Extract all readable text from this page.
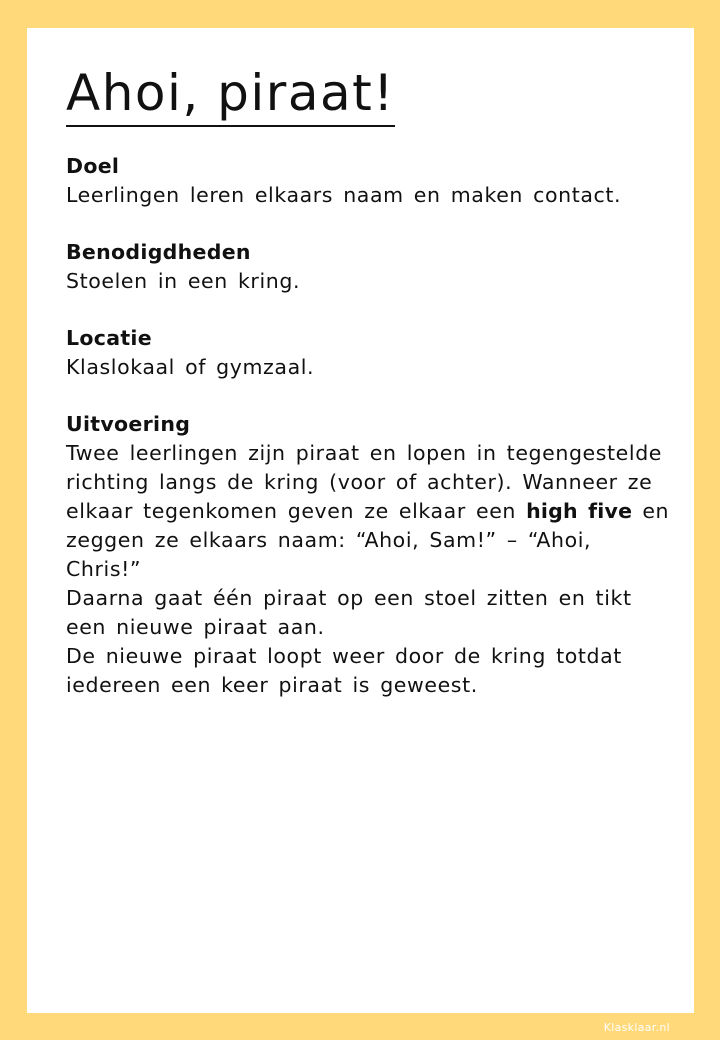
Ahoi, piraat!
Doel
Leerlingen leren elkaars naam en maken contact.
Benodigdheden
Stoelen in een kring.
Locatie
Klaslokaal of gymzaal.
Uitvoering

Twee leerlingen zijn piraat en lopen in tegengestelde richting langs de kring (voor of achter). Wanneer ze elkaar tegenkomen geven ze elkaar een high five en zeggen ze elkaars naam: “Ahoi, Sam!” – “Ahoi, Chris!”

Daarna gaat één piraat op een stoel zitten en tikt een nieuwe piraat aan.

De nieuwe piraat loopt weer door de kring totdat iedereen een keer piraat is geweest.

Klasklaar.nl
